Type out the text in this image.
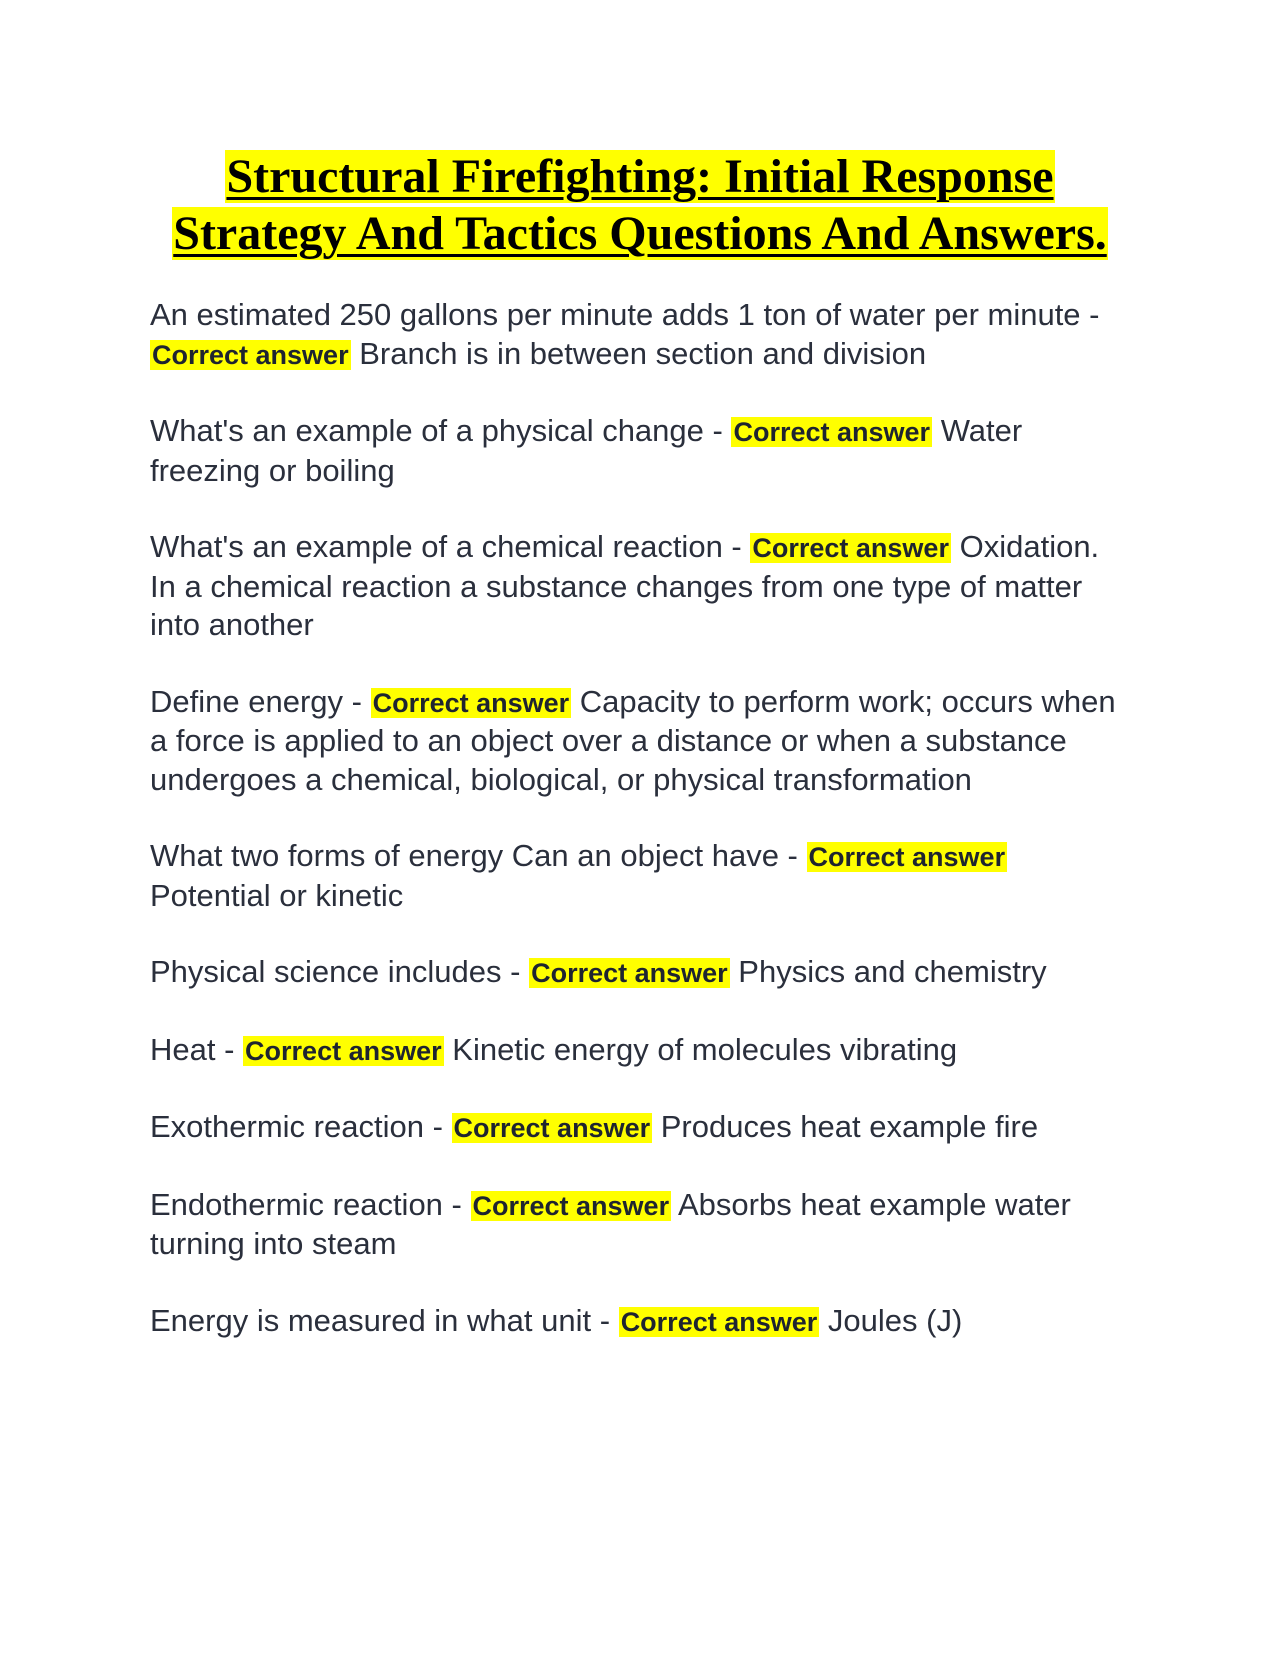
Structural Firefighting: Initial Response
Strategy And Tactics Questions And Answers.

An estimated 250 gallons per minute adds 1 ton of water per minute - Correct answer Branch is in between section and division

What's an example of a physical change - Correct answer Water freezing or boiling

What's an example of a chemical reaction - Correct answer Oxidation. In a chemical reaction a substance changes from one type of matter into another

Define energy - Correct answer Capacity to perform work; occurs when a force is applied to an object over a distance or when a substance undergoes a chemical, biological, or physical transformation

What two forms of energy Can an object have - Correct answer Potential or kinetic

Physical science includes - Correct answer Physics and chemistry

Heat - Correct answer Kinetic energy of molecules vibrating

Exothermic reaction - Correct answer Produces heat example fire

Endothermic reaction - Correct answer Absorbs heat example water turning into steam

Energy is measured in what unit - Correct answer Joules (J)
